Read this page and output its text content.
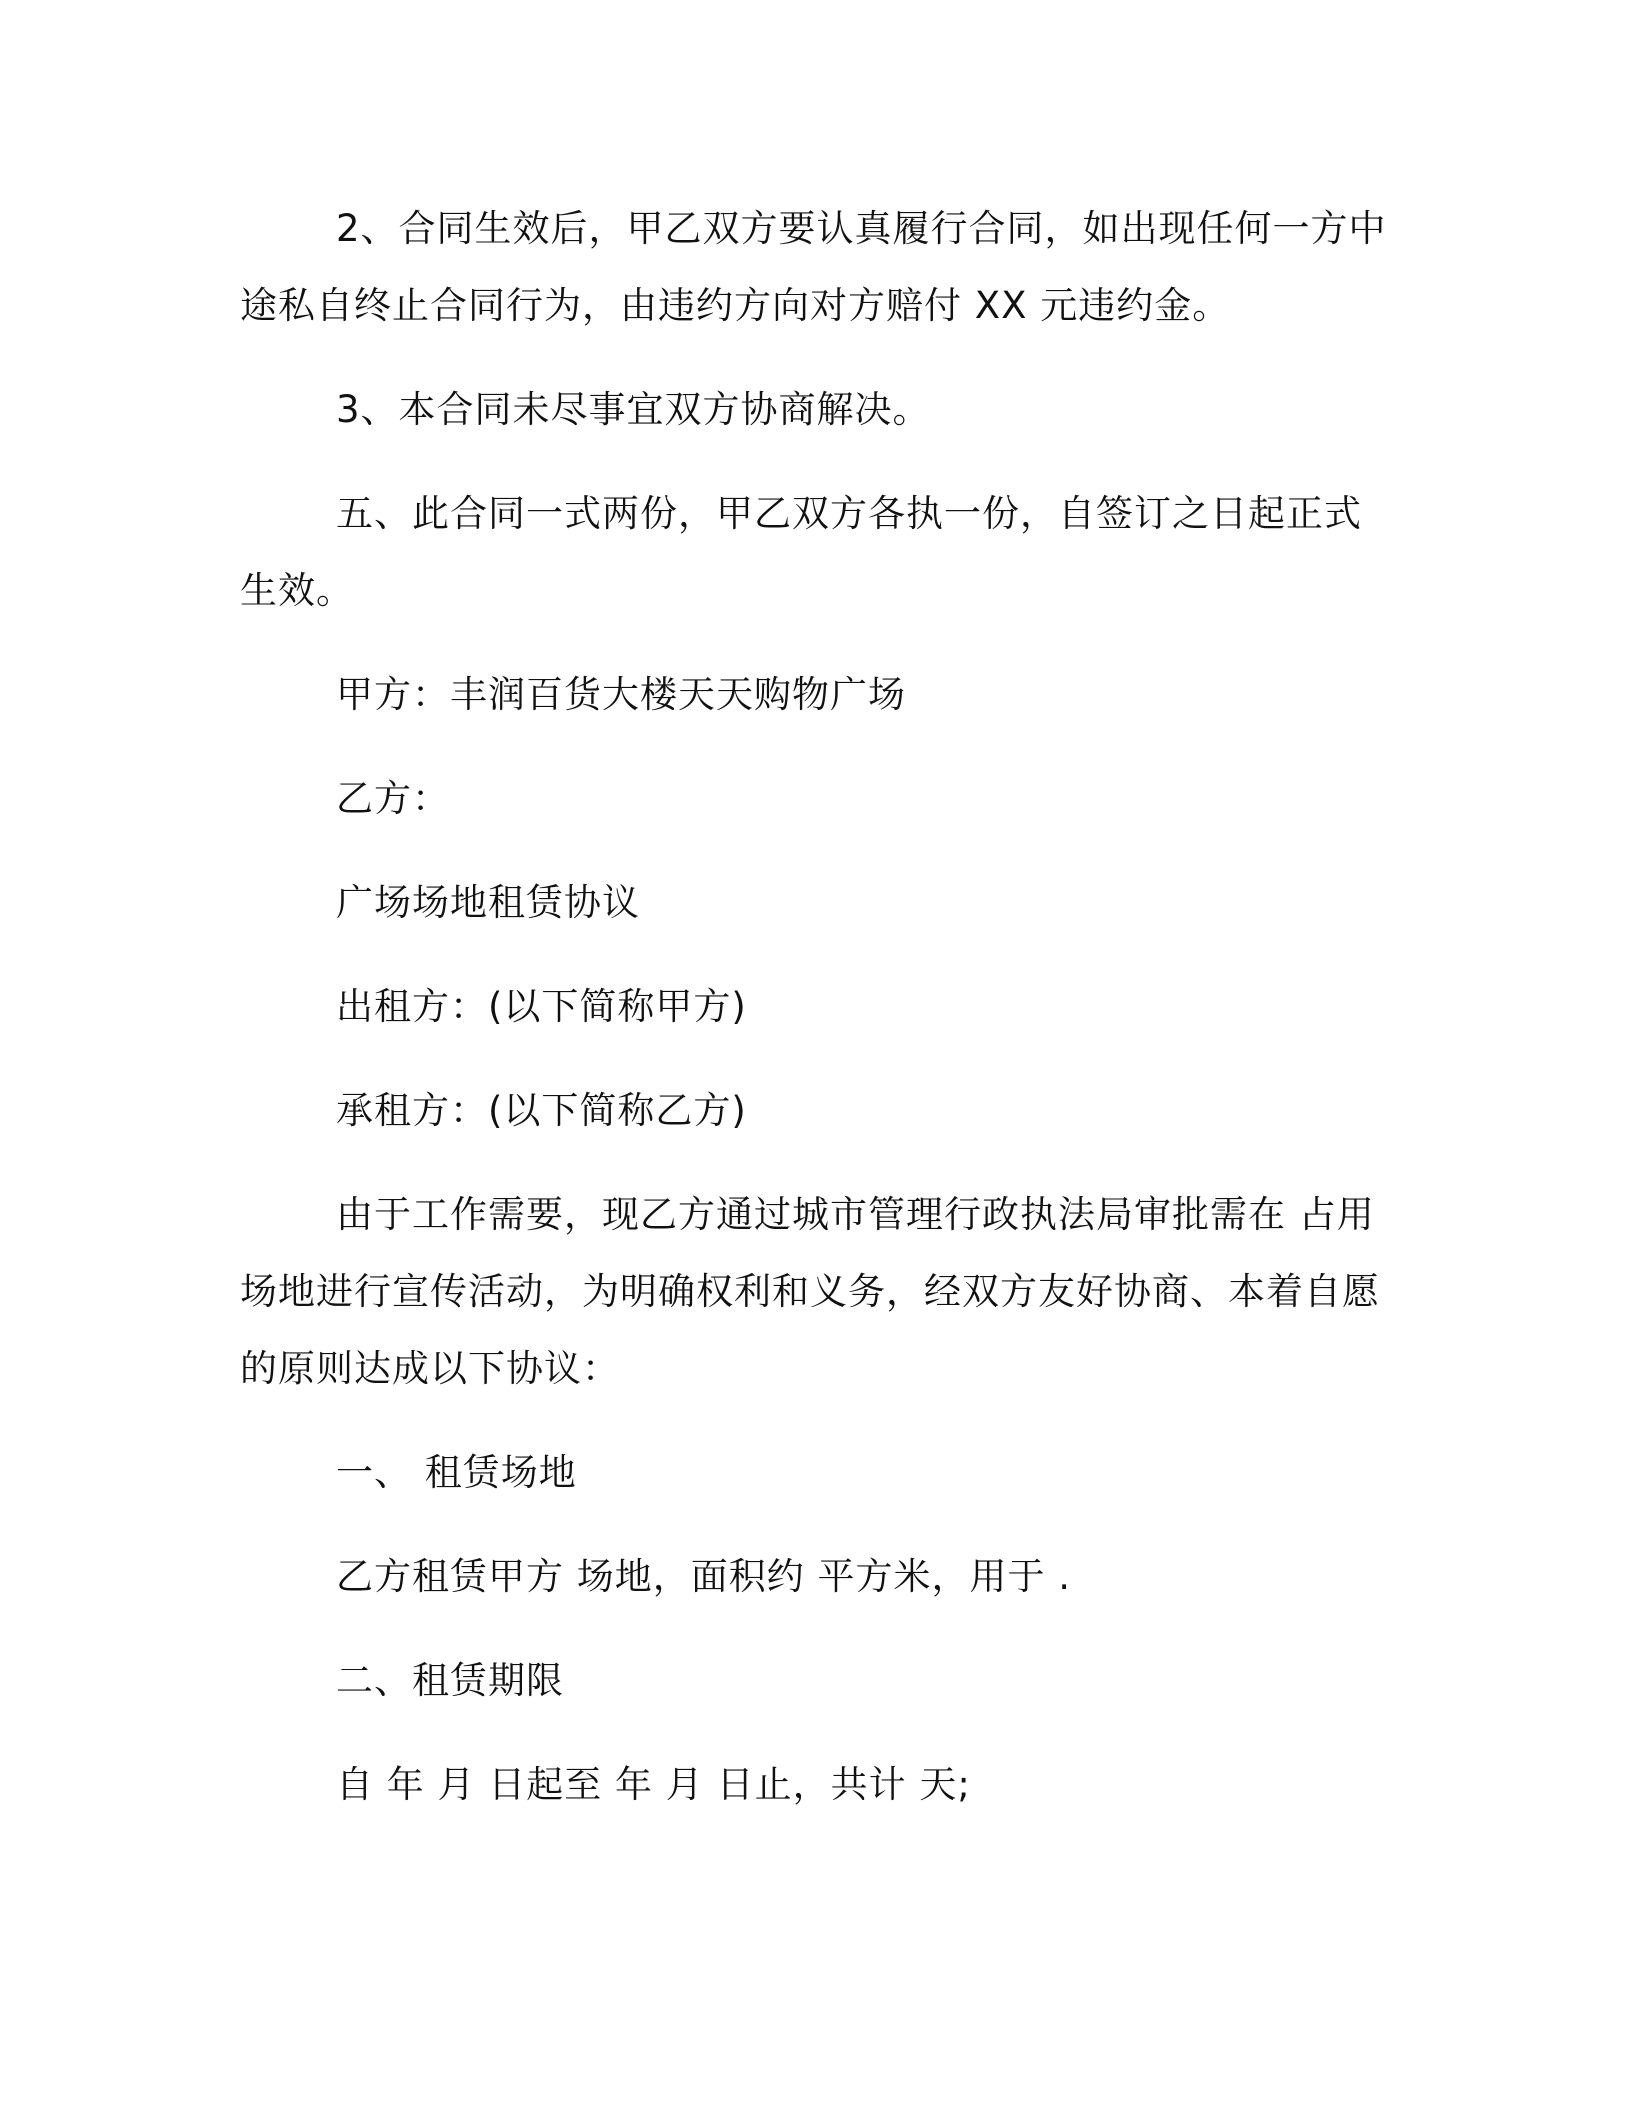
2、合同生效后，甲乙双方要认真履行合同，如出现任何一方中途私自终止合同行为，由违约方向对方赔付 XX 元违约金。

3、本合同未尽事宜双方协商解决。

五、此合同一式两份，甲乙双方各执一份，自签订之日起正式生效。

甲方：丰润百货大楼天天购物广场

乙方：

广场场地租赁协议

出租方：(以下简称甲方)

承租方：(以下简称乙方)

由于工作需要，现乙方通过城市管理行政执法局审批需在 占用场地进行宣传活动，为明确权利和义务，经双方友好协商、本着自愿的原则达成以下协议：

一、 租赁场地

乙方租赁甲方 场地，面积约 平方米，用于 .

二、租赁期限

自 年 月 日起至 年 月 日止，共计 天;
